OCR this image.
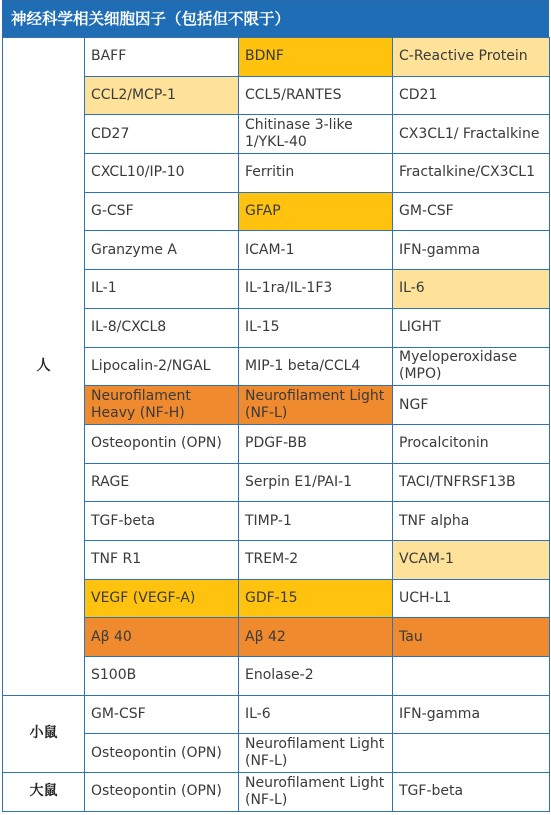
神经科学相关细胞因子（包括但不限于）
人	BAFF	BDNF	C-Reactive Protein
	CCL2/MCP-1	CCL5/RANTES	CD21
	CD27	Chitinase 3-like 1/YKL-40	CX3CL1/ Fractalkine
	CXCL10/IP-10	Ferritin	Fractalkine/CX3CL1
	G-CSF	GFAP	GM-CSF
	Granzyme A	ICAM-1	IFN-gamma
	IL-1	IL-1ra/IL-1F3	IL-6
	IL-8/CXCL8	IL-15	LIGHT
	Lipocalin-2/NGAL	MIP-1 beta/CCL4	Myeloperoxidase (MPO)
	Neurofilament Heavy (NF-H)	Neurofilament Light (NF-L)	NGF
	Osteopontin (OPN)	PDGF-BB	Procalcitonin
	RAGE	Serpin E1/PAI-1	TACI/TNFRSF13B
	TGF-beta	TIMP-1	TNF alpha
	TNF R1	TREM-2	VCAM-1
	VEGF (VEGF-A)	GDF-15	UCH-L1
	Aβ 40	Aβ 42	Tau
	S100B	Enolase-2	
小鼠	GM-CSF	IL-6	IFN-gamma
	Osteopontin (OPN)	Neurofilament Light (NF-L)	
大鼠	Osteopontin (OPN)	Neurofilament Light (NF-L)	TGF-beta
